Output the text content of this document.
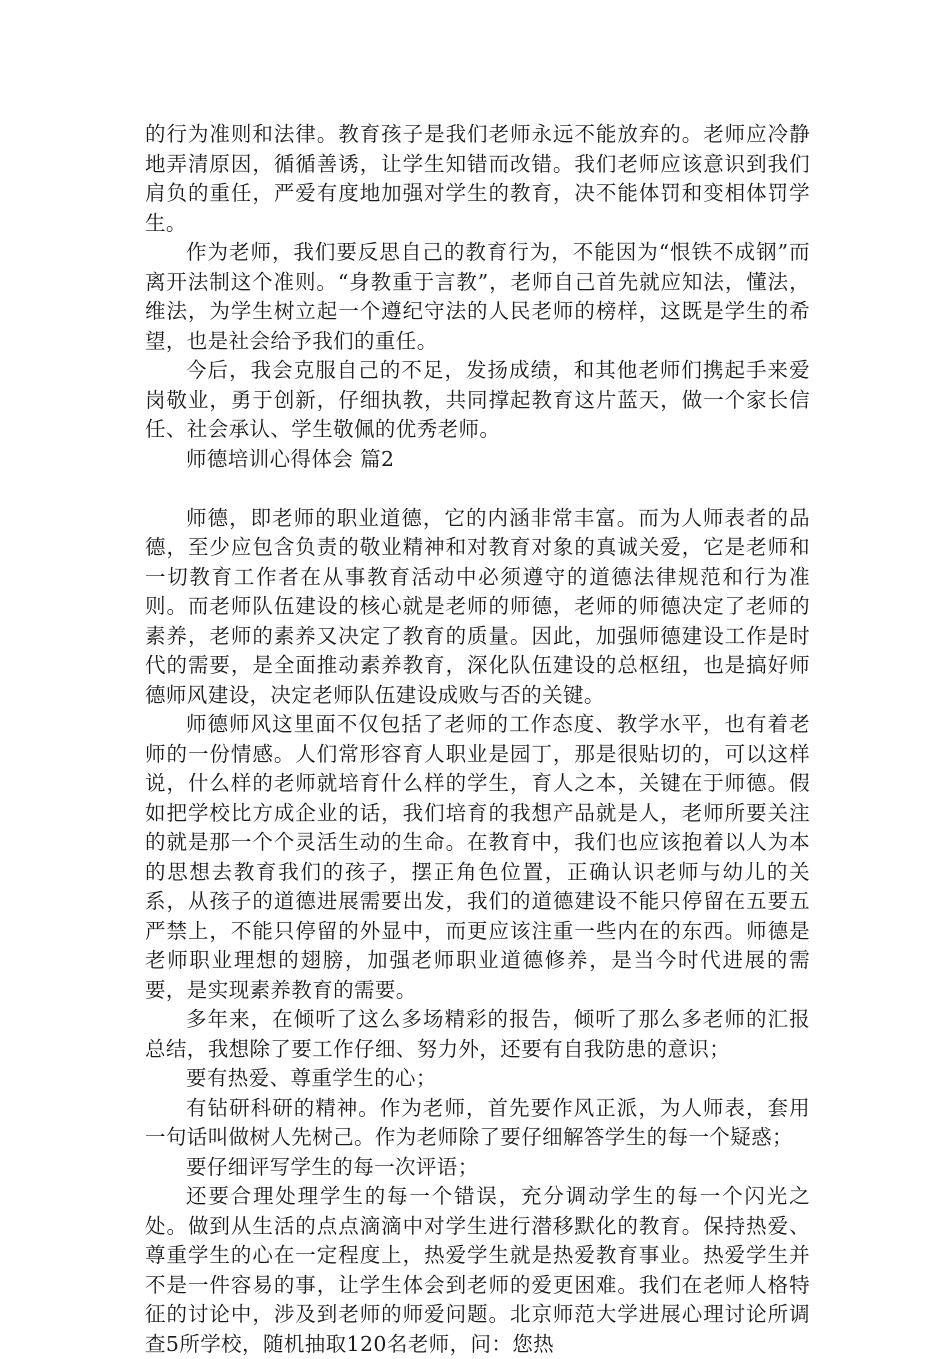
的行为准则和法律。教育孩子是我们老师永远不能放弃的。老师应冷静地弄清原因，循循善诱，让学生知错而改错。我们老师应该意识到我们肩负的重任，严爱有度地加强对学生的教育，决不能体罚和变相体罚学生。

作为老师，我们要反思自己的教育行为，不能因为“恨铁不成钢”而离开法制这个准则。“身教重于言教”，老师自己首先就应知法，懂法，维法，为学生树立起一个遵纪守法的人民老师的榜样，这既是学生的希望，也是社会给予我们的重任。

今后，我会克服自己的不足，发扬成绩，和其他老师们携起手来爱岗敬业，勇于创新，仔细执教，共同撑起教育这片蓝天，做一个家长信任、社会承认、学生敬佩的优秀老师。

师德培训心得体会 篇2

师德，即老师的职业道德，它的内涵非常丰富。而为人师表者的品德，至少应包含负责的敬业精神和对教育对象的真诚关爱，它是老师和一切教育工作者在从事教育活动中必须遵守的道德法律规范和行为准则。而老师队伍建设的核心就是老师的师德，老师的师德决定了老师的素养，老师的素养又决定了教育的质量。因此，加强师德建设工作是时代的需要，是全面推动素养教育，深化队伍建设的总枢纽，也是搞好师德师风建设，决定老师队伍建设成败与否的关键。

师德师风这里面不仅包括了老师的工作态度、教学水平，也有着老师的一份情感。人们常形容育人职业是园丁，那是很贴切的，可以这样说，什么样的老师就培育什么样的学生，育人之本，关键在于师德。假如把学校比方成企业的话，我们培育的我想产品就是人，老师所要关注的就是那一个个灵活生动的生命。在教育中，我们也应该抱着以人为本的思想去教育我们的孩子，摆正角色位置，正确认识老师与幼儿的关系，从孩子的道德进展需要出发，我们的道德建设不能只停留在五要五严禁上，不能只停留的外显中，而更应该注重一些内在的东西。师德是老师职业理想的翅膀，加强老师职业道德修养，是当今时代进展的需要，是实现素养教育的需要。

多年来，在倾听了这么多场精彩的报告，倾听了那么多老师的汇报总结，我想除了要工作仔细、努力外，还要有自我防患的意识；

要有热爱、尊重学生的心；

有钻研科研的精神。作为老师，首先要作风正派，为人师表，套用一句话叫做树人先树己。作为老师除了要仔细解答学生的每一个疑惑；

要仔细评写学生的每一次评语；

还要合理处理学生的每一个错误，充分调动学生的每一个闪光之处。做到从生活的点点滴滴中对学生进行潜移默化的教育。保持热爱、尊重学生的心在一定程度上，热爱学生就是热爱教育事业。热爱学生并不是一件容易的事，让学生体会到老师的爱更困难。我们在老师人格特征的讨论中，涉及到老师的师爱问题。北京师范大学进展心理讨论所调查5所学校，随机抽取120名老师，问：您热
